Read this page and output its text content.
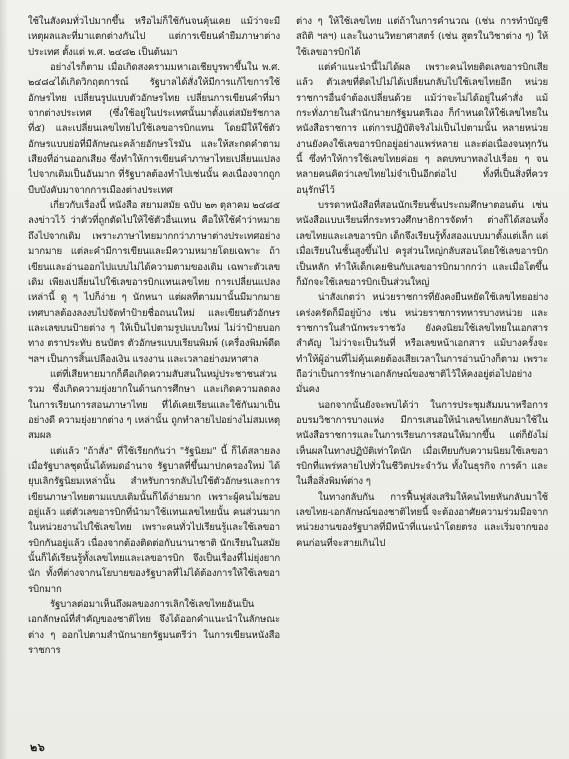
ใช้ในสังคมทั่วไปมากขึ้น หรือไม่ก็ใช้กันจนคุ้นเคย แม้ว่าจะมีเหตุผลและที่มาแตกต่างกันไป แต่การเขียนคำยืมภาษาต่างประเทศ ตั้งแต่ พ.ศ. ๒๔๘๒ เป็นต้นมา

อย่างไรก็ตาม เมื่อเกิดสงครามมหาเอเชียบูรพาขึ้นใน พ.ศ. ๒๔๘๔ได้เกิดวิกฤตการณ์ รัฐบาลได้สั่งให้มีการแก้ไขการใช้อักษรไทย เปลี่ยนรูปแบบตัวอักษรไทย เปลี่ยนการเขียนคำที่มาจากต่างประเทศ (ซึ่งใช้อยู่ในประเทศนั้นมาตั้งแต่สมัยรัชกาลที่๕) และเปลี่ยนเลขไทยไปใช้เลขอารบิกแทน โดยมีให้ใช้ตัวอักษรแบบย่อที่มีลักษณะคล้ายอักษรโรมัน และให้สะกดคำตามเสียงที่อ่านออกเสียง ซึ่งทำให้การเขียนคำภาษาไทยเปลี่ยนแปลงไปจากเดิมเป็นอันมาก ที่รัฐบาลต้องทำไปเช่นนั้น คงเนื่องจากถูกบีบบังคับมาจากการเมืองต่างประเทศ

เกี่ยวกับเรื่องนี้ หนังสือ สยามสมัย ฉบับ ๒๓ ตุลาคม ๒๔๘๕ ลงข่าวไว้ ว่าตัวที่ถูกตัดไปให้ใช้ตัวอื่นแทน คือให้ใช้คำว่าหมายถึงไปจากเดิม เพราะภาษาไทยมากกว่าภาษาต่างประเทศอย่างมากมาย แต่ละคำมีการเขียนและมีความหมายโดยเฉพาะ ถ้าเขียนและอ่านออกไปแบบไม่ได้ความตามของเดิม เฉพาะตัวเลขเดิม เพียงเปลี่ยนไปใช้เลขอารบิกแทนเลขไทย การเปลี่ยนแปลงเหล่านี้ ดู ๆ ไปก็ง่าย ๆ นักหนา แต่ผลที่ตามมานั้นมีมากมาย เทศบาลต้องลงงบไปจัดทำป้ายชื่อถนนใหม่ และเขียนตัวอักษรและเลขบนป้ายต่าง ๆ ให้เป็นไปตามรูปแบบใหม่ ไม่ว่าป้ายบอกทาง ตราประทับ ธนบัตร ตัวอักษรแบบเรียนพิมพ์ (เครื่องพิมพ์ดีด ฯลฯ เป็นการสิ้นเปลืองเงิน แรงงาน และเวลาอย่างมหาศาล

แต่ที่เสียหายมากก็คือเกิดความสับสนในหมู่ประชาชนส่วนรวม ซึ่งเกิดความยุ่งยากในด้านการศึกษา และเกิดความลดลงในการเรียนการสอนภาษาไทย ที่ได้เคยเรียนและใช้กันมาเป็นอย่างดี ความยุ่งยากต่าง ๆ เหล่านั้น ถูกทำลายไปอย่างไม่สมเหตุสมผล

แต่แล้ว "ถ้าสั่ง" ที่ใช้เรียกกันว่า "รัฐนิยม" นี้ ก็ได้สลายลงเมื่อรัฐบาลชุดนั้นได้หมดอำนาจ รัฐบาลที่ขึ้นมาปกครองใหม่ ได้ยุบเลิกรัฐนิยมเหล่านั้น สำหรับการกลับไปใช้ตัวอักษรและการเขียนภาษาไทยตามแบบเดิมนั้นก็ได้ง่ายมาก เพราะผู้คนไม่ชอบอยู่แล้ว แต่ตัวเลขอารบิกที่นำมาใช้แทนเลขไทยนั้น คนส่วนมากในหน่วยงานไปใช้เลขไทย เพราะคนทั่วไปเรียนรู้และใช้เลขอารบิกกันอยู่แล้ว เนื่องจากต้องติดต่อกับนานาชาติ นักเรียนในสมัยนั้นก็ได้เรียนรู้ทั้งเลขไทยและเลขอารบิก จึงเป็นเรื่องที่ไม่ยุ่งยากนัก ทั้งที่ต่างจากนโยบายของรัฐบาลที่ไม่ได้ต้องการให้ใช้เลขอารบิกมาก

รัฐบาลต่อมาเห็นถึงผลของการเลิกใช้เลขไทยอันเป็นเอกลักษณ์ที่สำคัญของชาติไทย จึงได้ออกคำแนะนำในลักษณะต่าง ๆ ออกไปตามสำนักนายกรัฐมนตรีว่า ในการเขียนหนังสือราชการ

ต่าง ๆ ให้ใช้เลขไทย แต่ถ้าในการคำนวณ (เช่น การทำบัญชี สถิติ ฯลฯ) และในงานวิทยาศาสตร์ (เช่น สูตรในวิชาต่าง ๆ) ให้ใช้เลขอารบิกได้

แต่คำแนะนำนี้ไม่ได้ผล เพราะคนไทยติดเลขอารบิกเสียแล้ว ตัวเลขที่ติดไปไม่ได้เปลี่ยนกลับไปใช้เลขไทยอีก หน่วยราชการอื่นจำต้องเปลี่ยนด้วย แม้ว่าจะไม่ได้อยู่ในคำสั่ง แม้กระทั่งภายในสำนักนายกรัฐมนตรีเอง ก็กำหนดให้ใช้เลขไทยในหนังสือราชการ แต่การปฏิบัติจริงไม่เป็นไปตามนั้น หลายหน่วยงานยังคงใช้เลขอารบิกอยู่อย่างแพร่หลาย และต่อเนื่องจนทุกวันนี้ ซึ่งทำให้การใช้เลขไทยค่อย ๆ ลดบทบาทลงไปเรื่อย ๆ จนหลายคนคิดว่าเลขไทยไม่จำเป็นอีกต่อไป ทั้งที่เป็นสิ่งที่ควรอนุรักษ์ไว้

บรรดาหนังสือที่สอนนักเรียนชั้นประถมศึกษาตอนต้น เช่น หนังสือแบบเรียนที่กระทรวงศึกษาธิการจัดทำ ต่างก็ได้สอนทั้งเลขไทยและเลขอารบิก เด็กจึงเรียนรู้ทั้งสองแบบมาตั้งแต่เล็ก แต่เมื่อเรียนในชั้นสูงขึ้นไป ครูส่วนใหญ่กลับสอนโดยใช้เลขอารบิกเป็นหลัก ทำให้เด็กเคยชินกับเลขอารบิกมากกว่า และเมื่อโตขึ้นก็มักจะใช้เลขอารบิกเป็นส่วนใหญ่

น่าสังเกตว่า หน่วยราชการที่ยังคงยืนหยัดใช้เลขไทยอย่างเคร่งครัดก็มีอยู่บ้าง เช่น หน่วยราชการทหารบางหน่วย และราชการในสำนักพระราชวัง ยังคงนิยมใช้เลขไทยในเอกสารสำคัญ ไม่ว่าจะเป็นวันที่ หรือเลขหน้าเอกสาร แม้บางครั้งจะทำให้ผู้อ่านที่ไม่คุ้นเคยต้องเสียเวลาในการอ่านบ้างก็ตาม เพราะถือว่าเป็นการรักษาเอกลักษณ์ของชาติไว้ให้คงอยู่ต่อไปอย่างมั่นคง

นอกจากนั้นยังจะพบได้ว่า ในการประชุมสัมมนาหรือการอบรมวิชาการบางแห่ง มีการเสนอให้นำเลขไทยกลับมาใช้ในหนังสือราชการและในการเรียนการสอนให้มากขึ้น แต่ก็ยังไม่เห็นผลในทางปฏิบัติเท่าใดนัก เมื่อเทียบกับความนิยมใช้เลขอารบิกที่แพร่หลายไปทั่วในชีวิตประจำวัน ทั้งในธุรกิจ การค้า และในสื่อสิ่งพิมพ์ต่าง ๆ

ในทางกลับกัน การฟื้นฟูส่งเสริมให้คนไทยหันกลับมาใช้เลขไทย-เอกลักษณ์ของชาติไทยนี้ จะต้องอาศัยความร่วมมือจากหน่วยงานของรัฐบาลที่มีหน้าที่แนะนำโดยตรง และเริ่มจากของคนก่อนที่จะสายเกินไป

๒๖
